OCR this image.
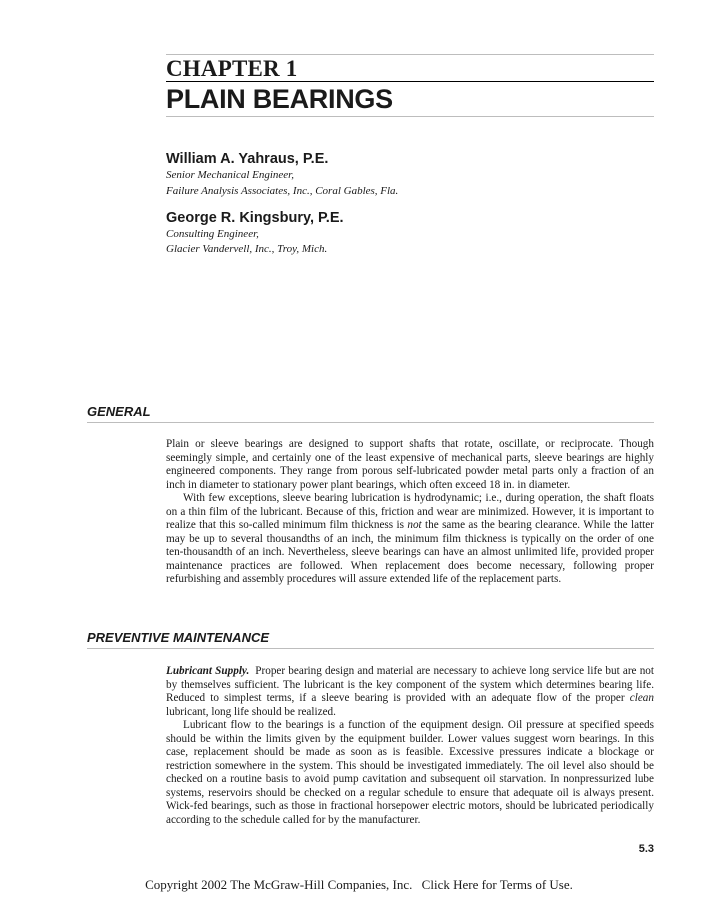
CHAPTER 1
PLAIN BEARINGS
William A. Yahraus, P.E.
Senior Mechanical Engineer,
Failure Analysis Associates, Inc., Coral Gables, Fla.
George R. Kingsbury, P.E.
Consulting Engineer,
Glacier Vandervell, Inc., Troy, Mich.
GENERAL

Plain or sleeve bearings are designed to support shafts that rotate, oscillate, or reciprocate. Though seemingly simple, and certainly one of the least expensive of mechanical parts, sleeve bearings are highly engineered components. They range from porous self-lubricated powder metal parts only a fraction of an inch in diameter to stationary power plant bearings, which often exceed 18 in. in diameter.

With few exceptions, sleeve bearing lubrication is hydrodynamic; i.e., during operation, the shaft floats on a thin film of the lubricant. Because of this, friction and wear are minimized. However, it is important to realize that this so-called minimum film thickness is not the same as the bearing clearance. While the latter may be up to several thousandths of an inch, the minimum film thickness is typically on the order of one ten-thousandth of an inch. Nevertheless, sleeve bearings can have an almost unlimited life, provided proper maintenance practices are followed. When replacement does become necessary, following proper refurbishing and assembly procedures will assure extended life of the replacement parts.

PREVENTIVE MAINTENANCE

Lubricant Supply. Proper bearing design and material are necessary to achieve long service life but are not by themselves sufficient. The lubricant is the key component of the system which determines bearing life. Reduced to simplest terms, if a sleeve bearing is provided with an adequate flow of the proper clean lubricant, long life should be realized.

Lubricant flow to the bearings is a function of the equipment design. Oil pressure at specified speeds should be within the limits given by the equipment builder. Lower values suggest worn bearings. In this case, replacement should be made as soon as is feasible. Excessive pressures indicate a blockage or restriction somewhere in the system. This should be investigated immediately. The oil level also should be checked on a routine basis to avoid pump cavitation and subsequent oil starvation. In nonpressurized lube systems, reservoirs should be checked on a regular schedule to ensure that adequate oil is always present. Wick-fed bearings, such as those in fractional horsepower electric motors, should be lubricated periodically according to the schedule called for by the manufacturer.

5.3
Copyright 2002 The McGraw-Hill Companies, Inc. Click Here for Terms of Use.
